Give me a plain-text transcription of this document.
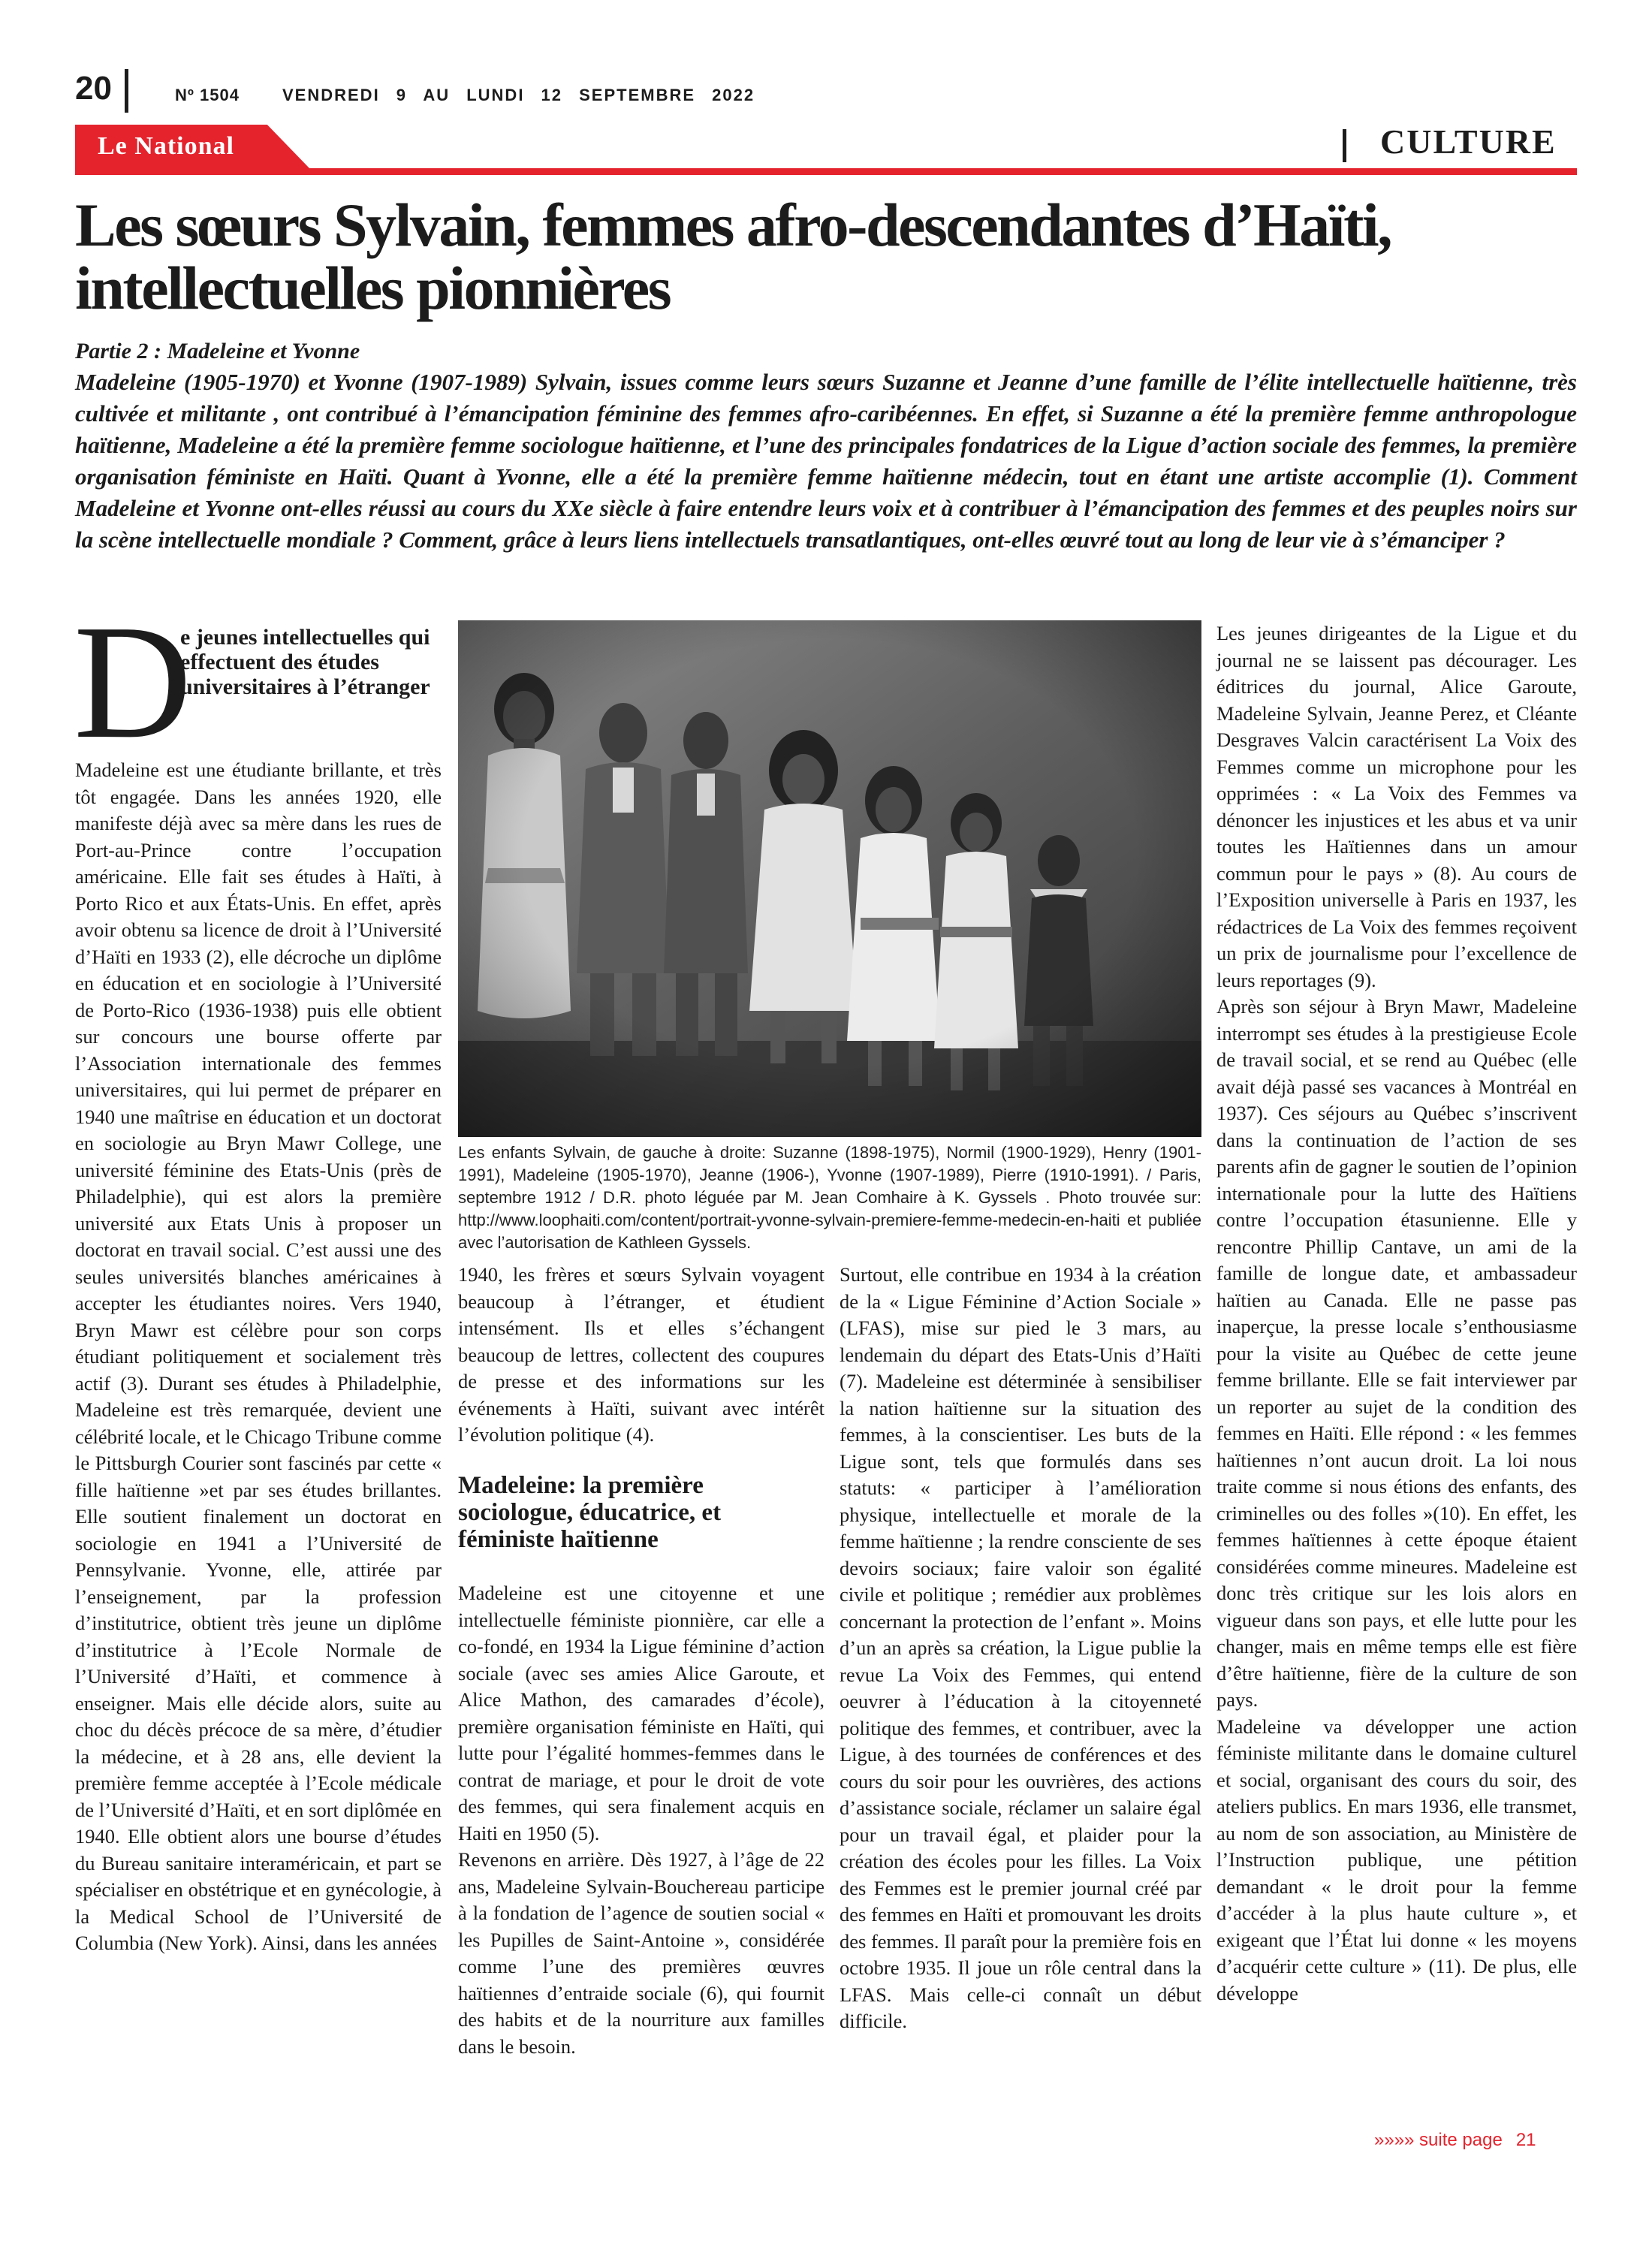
20	Nº 1504	VENDREDI 9 AU LUNDI 12 SEPTEMBRE 2022
Le National	CULTURE
Les sœurs Sylvain, femmes afro-descendantes d’Haïti, intellectuelles pionnières
Partie 2 : Madeleine et Yvonne
Madeleine (1905-1970) et Yvonne (1907-1989) Sylvain, issues comme leurs sœurs Suzanne et Jeanne d’une famille de l’élite intellectuelle haïtienne, très cultivée et militante , ont contribué à l’émancipation féminine des femmes afro-caribéennes. En effet, si Suzanne a été la première femme anthropologue haïtienne, Madeleine a été la première femme sociologue haïtienne, et l’une des principales fondatrices de la Ligue d’action sociale des femmes, la première organisation féministe en Haïti. Quant à Yvonne, elle a été la première femme haïtienne médecin, tout en étant une artiste accomplie (1). Comment Madeleine et Yvonne ont-elles réussi au cours du XXe siècle à faire entendre leurs voix et à contribuer à l’émancipation des femmes et des peuples noirs sur la scène intellectuelle mondiale ? Comment, grâce à leurs liens intellectuels transatlantiques, ont-elles œuvré tout au long de leur vie à s’émanciper ?
D
e jeunes intellectuelles qui effectuent des études universitaires à l’étranger

Madeleine est une étudiante brillante, et très tôt engagée. Dans les années 1920, elle manifeste déjà avec sa mère dans les rues de Port-au-Prince contre l’occupation américaine. Elle fait ses études à Haïti, à Porto Rico et aux États-Unis. En effet, après avoir obtenu sa licence de droit à l’Université d’Haïti en 1933 (2), elle décroche un diplôme en éducation et en sociologie à l’Université de Porto-Rico (1936-1938) puis elle obtient sur concours une bourse offerte par l’Association internationale des femmes universitaires, qui lui permet de préparer en 1940 une maîtrise en éducation et un doctorat en sociologie au Bryn Mawr College, une université féminine des Etats-Unis (près de Philadelphie), qui est alors la première université aux Etats Unis à proposer un doctorat en travail social. C’est aussi une des seules universités blanches américaines à accepter les étudiantes noires. Vers 1940, Bryn Mawr est célèbre pour son corps étudiant politiquement et socialement très actif (3). Durant ses études à Philadelphie, Madeleine est très remarquée, devient une célébrité locale, et le Chicago Tribune comme le Pittsburgh Courier sont fascinés par cette « fille haïtienne »et par ses études brillantes. Elle soutient finalement un doctorat en sociologie en 1941 a l’Université de Pennsylvanie. Yvonne, elle, attirée par l’enseignement, par la profession d’institutrice, obtient très jeune un diplôme d’institutrice à l’Ecole Normale de l’Université d’Haïti, et commence à enseigner. Mais elle décide alors, suite au choc du décès précoce de sa mère, d’étudier la médecine, et à 28 ans, elle devient la première femme acceptée à l’Ecole médicale de l’Université d’Haïti, et en sort diplômée en 1940. Elle obtient alors une bourse d’études du Bureau sanitaire interaméricain, et part se spécialiser en obstétrique et en gynécologie, à la Medical School de l’Université de Columbia (New York). Ainsi, dans les années

Les enfants Sylvain, de gauche à droite: Suzanne (1898-1975), Normil (1900-1929), Henry (1901-1991), Madeleine (1905-1970), Jeanne (1906-), Yvonne (1907-1989), Pierre (1910-1991). / Paris, septembre 1912 / D.R. photo léguée par M. Jean Comhaire à K. Gyssels . Photo trouvée sur: http://www.loophaiti.com/content/portrait-yvonne-sylvain-premiere-femme-medecin-en-haiti et publiée avec l’autorisation de Kathleen Gyssels.

1940, les frères et sœurs Sylvain voyagent beaucoup à l’étranger, et étudient intensément. Ils et elles s’échangent beaucoup de lettres, collectent des coupures de presse et des informations sur les événements à Haïti, suivant avec intérêt l’évolution politique (4).

Madeleine: la première sociologue, éducatrice, et féministe haïtienne

Madeleine est une citoyenne et une intellectuelle féministe pionnière, car elle a co-fondé, en 1934 la Ligue féminine d’action sociale (avec ses amies Alice Garoute, et Alice Mathon, des camarades d’école), première organisation féministe en Haïti, qui lutte pour l’égalité hommes-femmes dans le contrat de mariage, et pour le droit de vote des femmes, qui sera finalement acquis en Haiti en 1950 (5).

Revenons en arrière. Dès 1927, à l’âge de 22 ans, Madeleine Sylvain-Bouchereau participe à la fondation de l’agence de soutien social « les Pupilles de Saint-Antoine », considérée comme l’une des premières œuvres haïtiennes d’entraide sociale (6), qui fournit des habits et de la nourriture aux familles dans le besoin.

Surtout, elle contribue en 1934 à la création de la « Ligue Féminine d’Action Sociale » (LFAS), mise sur pied le 3 mars, au lendemain du départ des Etats-Unis d’Haïti (7). Madeleine est déterminée à sensibiliser la nation haïtienne sur la situation des femmes, à la conscientiser. Les buts de la Ligue sont, tels que formulés dans ses statuts: « participer à l’amélioration physique, intellectuelle et morale de la femme haïtienne ; la rendre consciente de ses devoirs sociaux; faire valoir son égalité civile et politique ; remédier aux problèmes concernant la protection de l’enfant ». Moins d’un an après sa création, la Ligue publie la revue La Voix des Femmes, qui entend oeuvrer à l’éducation à la citoyenneté politique des femmes, et contribuer, avec la Ligue, à des tournées de conférences et des cours du soir pour les ouvrières, des actions d’assistance sociale, réclamer un salaire égal pour un travail égal, et plaider pour la création des écoles pour les filles. La Voix des Femmes est le premier journal créé par des femmes en Haïti et promouvant les droits des femmes. Il paraît pour la première fois en octobre 1935. Il joue un rôle central dans la LFAS. Mais celle-ci connaît un début difficile.

Les jeunes dirigeantes de la Ligue et du journal ne se laissent pas décourager. Les éditrices du journal, Alice Garoute, Madeleine Sylvain, Jeanne Perez, et Cléante Desgraves Valcin caractérisent La Voix des Femmes comme un microphone pour les opprimées : « La Voix des Femmes va dénoncer les injustices et les abus et va unir toutes les Haïtiennes dans un amour commun pour le pays » (8). Au cours de l’Exposition universelle à Paris en 1937, les rédactrices de La Voix des femmes reçoivent un prix de journalisme pour l’excellence de leurs reportages (9).

Après son séjour à Bryn Mawr, Madeleine interrompt ses études à la prestigieuse Ecole de travail social, et se rend au Québec (elle avait déjà passé ses vacances à Montréal en 1937). Ces séjours au Québec s’inscrivent dans la continuation de l’action de ses parents afin de gagner le soutien de l’opinion internationale pour la lutte des Haïtiens contre l’occupation étasunienne. Elle y rencontre Phillip Cantave, un ami de la famille de longue date, et ambassadeur haïtien au Canada. Elle ne passe pas inaperçue, la presse locale s’enthousiasme pour la visite au Québec de cette jeune femme brillante. Elle se fait interviewer par un reporter au sujet de la condition des femmes en Haïti. Elle répond : « les femmes haïtiennes n’ont aucun droit. La loi nous traite comme si nous étions des enfants, des criminelles ou des folles »(10). En effet, les femmes haïtiennes à cette époque étaient considérées comme mineures. Madeleine est donc très critique sur les lois alors en vigueur dans son pays, et elle lutte pour les changer, mais en même temps elle est fière d’être haïtienne, fière de la culture de son pays.

Madeleine va développer une action féministe militante dans le domaine culturel et social, organisant des cours du soir, des ateliers publics. En mars 1936, elle transmet, au nom de son association, au Ministère de l’Instruction publique, une pétition demandant « le droit pour la femme d’accéder à la plus haute culture », et exigeant que l’État lui donne « les moyens d’acquérir cette culture » (11). De plus, elle développe

»»»» suite page 21
